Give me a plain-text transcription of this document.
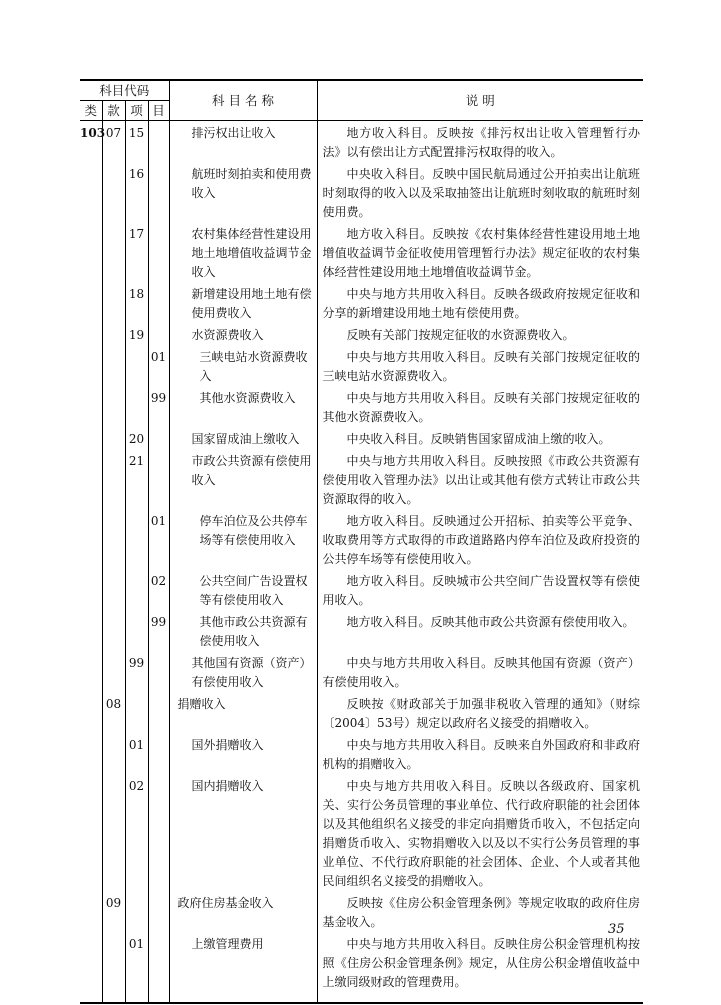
科目代码				科 目 名 称	说 明
类	款	项	目		
103	07	15		排污权出让收入	地方收入科目。反映按《排污权出让收入管理暂行办法》以有偿出让方式配置排污权取得的收入。
		16		航班时刻拍卖和使用费收入	中央收入科目。反映中国民航局通过公开拍卖出让航班时刻取得的收入以及采取抽签出让航班时刻收取的航班时刻使用费。
		17		农村集体经营性建设用地土地增值收益调节金收入	地方收入科目。反映按《农村集体经营性建设用地土地增值收益调节金征收使用管理暂行办法》规定征收的农村集体经营性建设用地土地增值收益调节金。
		18		新增建设用地土地有偿使用费收入	中央与地方共用收入科目。反映各级政府按规定征收和分享的新增建设用地土地有偿使用费。
		19		水资源费收入	反映有关部门按规定征收的水资源费收入。
			01	三峡电站水资源费收入	中央与地方共用收入科目。反映有关部门按规定征收的三峡电站水资源费收入。
			99	其他水资源费收入	中央与地方共用收入科目。反映有关部门按规定征收的其他水资源费收入。
		20		国家留成油上缴收入	中央收入科目。反映销售国家留成油上缴的收入。
		21		市政公共资源有偿使用收入	中央与地方共用收入科目。反映按照《市政公共资源有偿使用收入管理办法》以出让或其他有偿方式转让市政公共资源取得的收入。
			01	停车泊位及公共停车场等有偿使用收入	地方收入科目。反映通过公开招标、拍卖等公平竞争、收取费用等方式取得的市政道路路内停车泊位及政府投资的公共停车场等有偿使用收入。
			02	公共空间广告设置权等有偿使用收入	地方收入科目。反映城市公共空间广告设置权等有偿使用收入。
			99	其他市政公共资源有偿使用收入	地方收入科目。反映其他市政公共资源有偿使用收入。
		99		其他国有资源（资产）有偿使用收入	中央与地方共用收入科目。反映其他国有资源（资产）有偿使用收入。
	08			捐赠收入	反映按《财政部关于加强非税收入管理的通知》（财综〔2004〕53号）规定以政府名义接受的捐赠收入。
		01		国外捐赠收入	中央与地方共用收入科目。反映来自外国政府和非政府机构的捐赠收入。
		02		国内捐赠收入	中央与地方共用收入科目。反映以各级政府、国家机关、实行公务员管理的事业单位、代行政府职能的社会团体以及其他组织名义接受的非定向捐赠货币收入，不包括定向捐赠货币收入、实物捐赠收入以及以不实行公务员管理的事业单位、不代行政府职能的社会团体、企业、个人或者其他民间组织名义接受的捐赠收入。
	09			政府住房基金收入	反映按《住房公积金管理条例》等规定收取的政府住房基金收入。
		01		上缴管理费用	中央与地方共用收入科目。反映住房公积金管理机构按照《住房公积金管理条例》规定，从住房公积金增值收益中上缴同级财政的管理费用。

35
